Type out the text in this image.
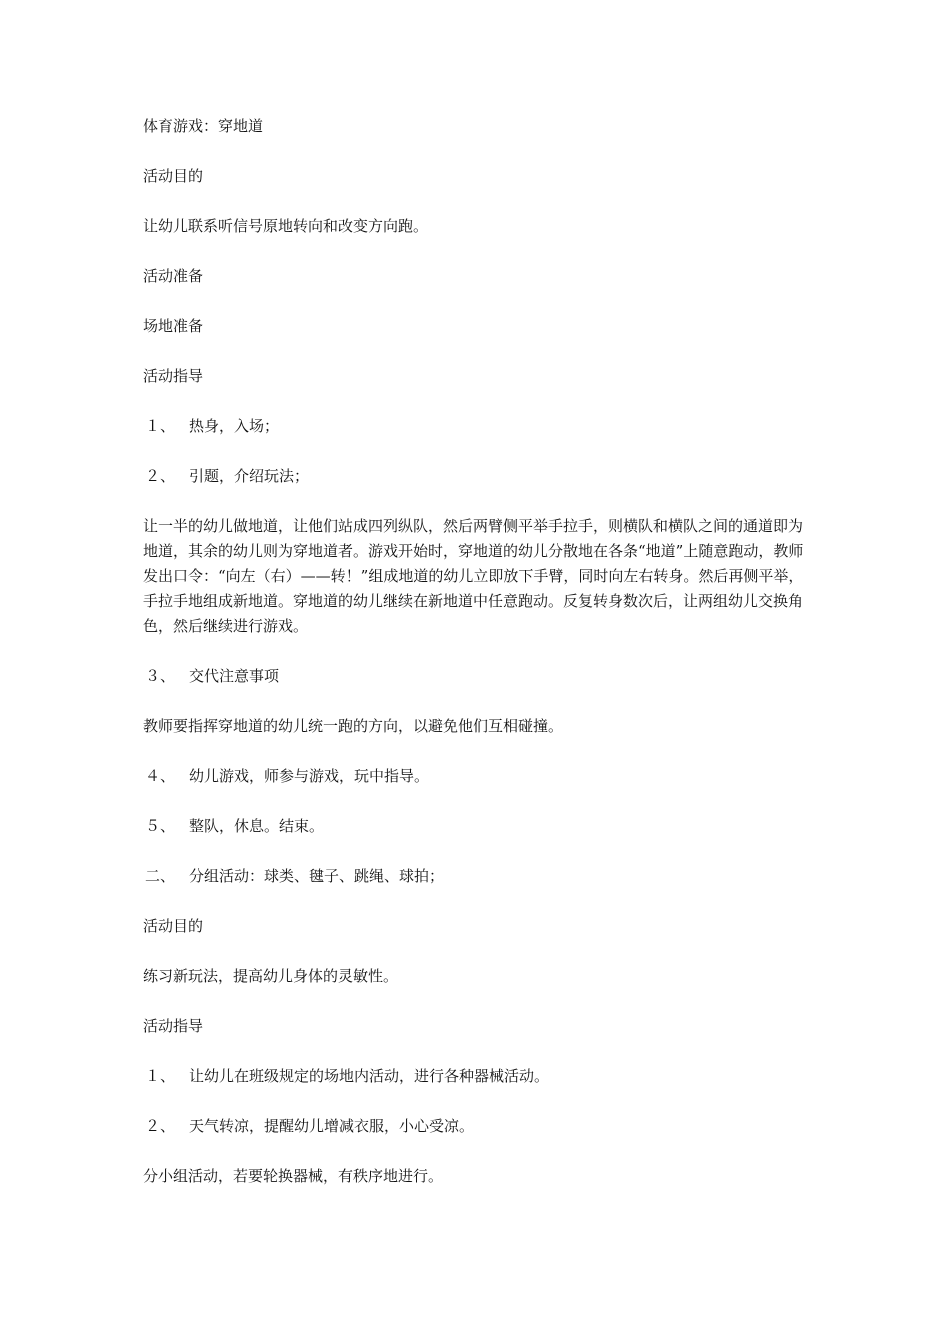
体育游戏：穿地道

活动目的

让幼儿联系听信号原地转向和改变方向跑。

活动准备

场地准备

活动指导

１、 热身，入场；

２、 引题，介绍玩法；

让一半的幼儿做地道，让他们站成四列纵队，然后两臂侧平举手拉手，则横队和横队之间的通道即为地道，其余的幼儿则为穿地道者。游戏开始时，穿地道的幼儿分散地在各条“地道”上随意跑动，教师发出口令：“向左（右）——转！”组成地道的幼儿立即放下手臂，同时向左右转身。然后再侧平举，手拉手地组成新地道。穿地道的幼儿继续在新地道中任意跑动。反复转身数次后，让两组幼儿交换角色，然后继续进行游戏。

３、 交代注意事项

教师要指挥穿地道的幼儿统一跑的方向，以避免他们互相碰撞。

４、 幼儿游戏，师参与游戏，玩中指导。

５、 整队，休息。结束。

二、 分组活动：球类、毽子、跳绳、球拍；

活动目的

练习新玩法，提高幼儿身体的灵敏性。

活动指导

１、 让幼儿在班级规定的场地内活动，进行各种器械活动。

２、 天气转凉，提醒幼儿增减衣服，小心受凉。

分小组活动，若要轮换器械，有秩序地进行。
